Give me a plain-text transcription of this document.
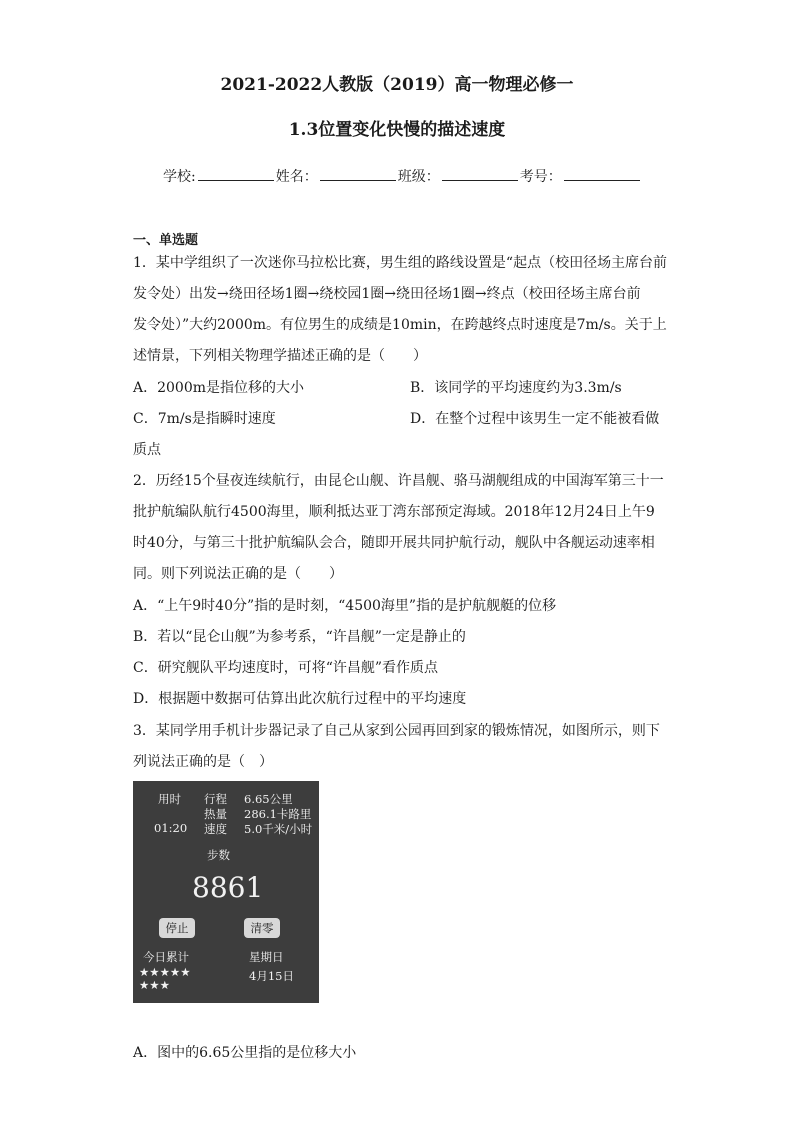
2021-2022人教版（2019）高一物理必修一
1.3位置变化快慢的描述速度
学校:	姓名：	班级：	考号：
一、单选题
1．某中学组织了一次迷你马拉松比赛，男生组的路线设置是“起点（校田径场主席台前
发令处）出发→绕田径场1圈→绕校园1圈→绕田径场1圈→终点（校田径场主席台前
发令处）”大约2000m。有位男生的成绩是10min，在跨越终点时速度是7m/s。关于上
述情景，下列相关物理学描述正确的是（　　）
A．2000m是指位移的大小	B．该同学的平均速度约为3.3m/s
C．7m/s是指瞬时速度	D．在整个过程中该男生一定不能被看做
质点
2．历经15个昼夜连续航行，由昆仑山舰、许昌舰、骆马湖舰组成的中国海军第三十一
批护航编队航行4500海里，顺利抵达亚丁湾东部预定海域。2018年12月24日上午9
时40分，与第三十批护航编队会合，随即开展共同护航行动，舰队中各舰运动速率相
同。则下列说法正确的是（　　）
A．“上午9时40分”指的是时刻，“4500海里”指的是护航舰艇的位移
B．若以“昆仑山舰”为参考系，“许昌舰”一定是静止的
C．研究舰队平均速度时，可将“许昌舰”看作质点
D．根据题中数据可估算出此次航行过程中的平均速度
3．某同学用手机计步器记录了自己从家到公园再回到家的锻炼情况，如图所示，则下
列说法正确的是（　）
用时
01:20
行程 6.65公里
热量 286.1卡路里
速度 5.0千米/小时
步数
8861
停止	清零
今日累计
★★★★★
★★★
星期日
4月15日
A．图中的6.65公里指的是位移大小
